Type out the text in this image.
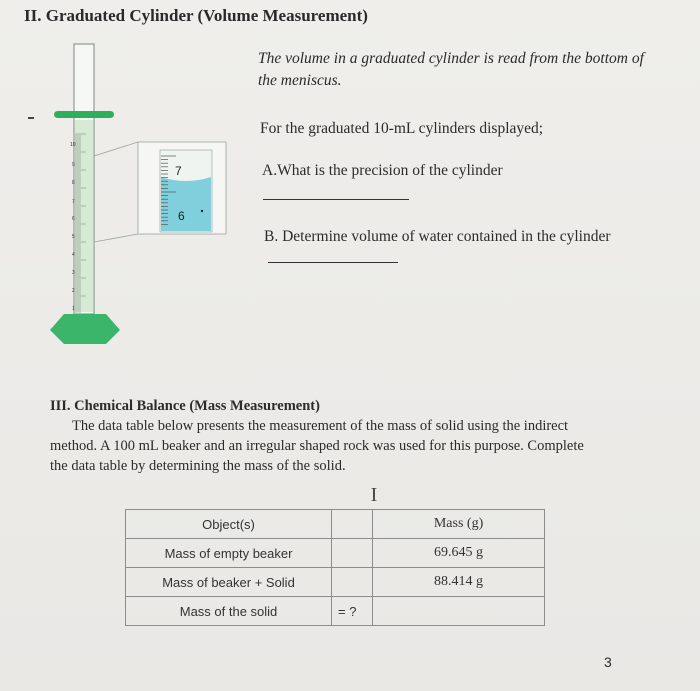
II. Graduated Cylinder (Volume Measurement)
10
9
8
7
6
5
4
3
2
1
7
6
The volume in a graduated cylinder is read from the bottom of the meniscus.
For the graduated 10-mL cylinders displayed;
A.What is the precision of the cylinder
B. Determine volume of water contained in the cylinder
III. Chemical Balance (Mass Measurement)
The data table below presents the measurement of the mass of solid using the indirect method. A 100 mL beaker and an irregular shaped rock was used for this purpose. Complete the data table by determining the mass of the solid.
I
Object(s)		Mass (g)
Mass of empty beaker		69.645 g
Mass of beaker + Solid		88.414 g
Mass of the solid	= ?	
3
